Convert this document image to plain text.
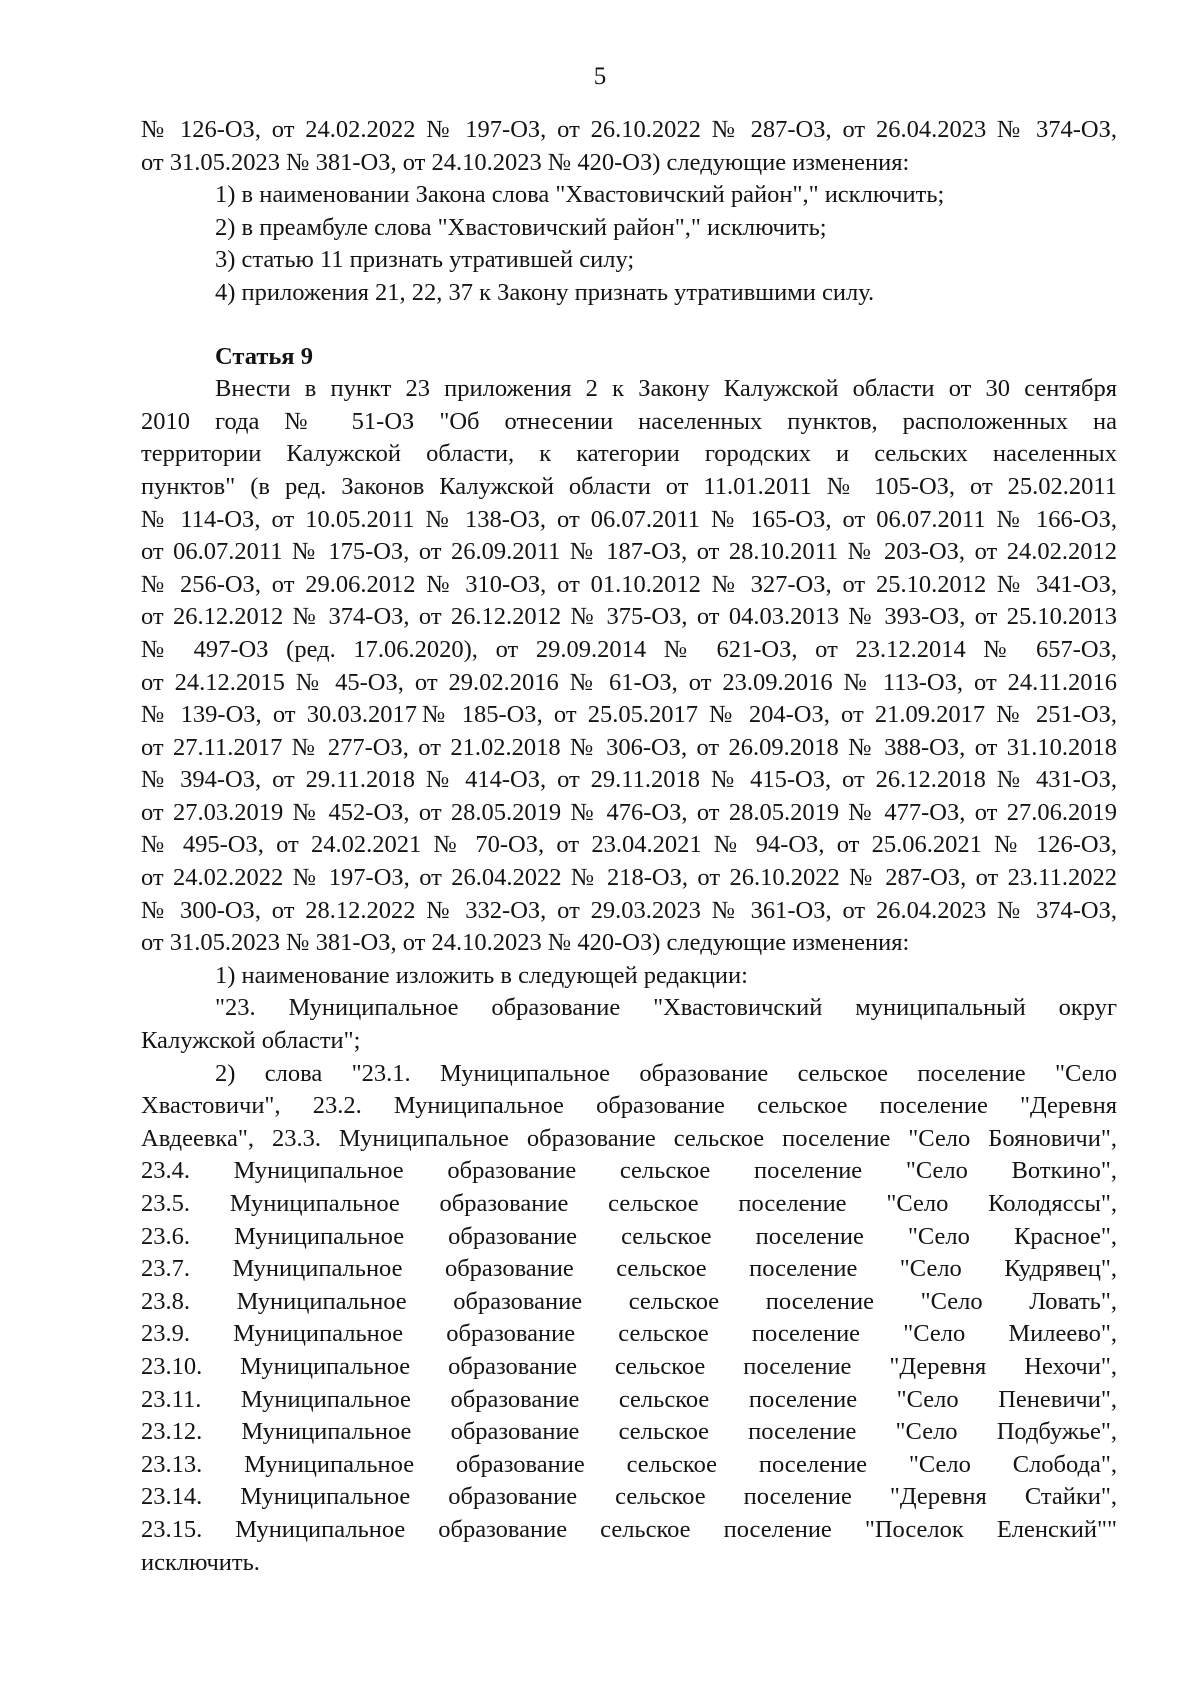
5
№ 126-ОЗ, от 24.02.2022 № 197-ОЗ, от 26.10.2022 № 287-ОЗ, от 26.04.2023 № 374-ОЗ,
от 31.05.2023 № 381-ОЗ, от 24.10.2023 № 420-ОЗ) следующие изменения:
1) в наименовании Закона слова "Хвастовичский район"," исключить;
2) в преамбуле слова "Хвастовичский район"," исключить;
3) статью 11 признать утратившей силу;
4) приложения 21, 22, 37 к Закону признать утратившими силу.
Статья 9
Внести в пункт 23 приложения 2 к Закону Калужской области от 30 сентября
2010 года № 51-ОЗ "Об отнесении населенных пунктов, расположенных на
территории Калужской области, к категории городских и сельских населенных
пунктов" (в ред. Законов Калужской области от 11.01.2011 № 105-ОЗ, от 25.02.2011
№ 114-ОЗ, от 10.05.2011 № 138-ОЗ, от 06.07.2011 № 165-ОЗ, от 06.07.2011 № 166-ОЗ,
от 06.07.2011 № 175-ОЗ, от 26.09.2011 № 187-ОЗ, от 28.10.2011 № 203-ОЗ, от 24.02.2012
№ 256-ОЗ, от 29.06.2012 № 310-ОЗ, от 01.10.2012 № 327-ОЗ, от 25.10.2012 № 341-ОЗ,
от 26.12.2012 № 374-ОЗ, от 26.12.2012 № 375-ОЗ, от 04.03.2013 № 393-ОЗ, от 25.10.2013
№ 497-ОЗ (ред. 17.06.2020), от 29.09.2014 № 621-ОЗ, от 23.12.2014 № 657-ОЗ,
от 24.12.2015 № 45-ОЗ, от 29.02.2016 № 61-ОЗ, от 23.09.2016 № 113-ОЗ, от 24.11.2016
№ 139-ОЗ, от 30.03.2017№ 185-ОЗ, от 25.05.2017 № 204-ОЗ, от 21.09.2017 № 251-ОЗ,
от 27.11.2017 № 277-ОЗ, от 21.02.2018 № 306-ОЗ, от 26.09.2018 № 388-ОЗ, от 31.10.2018
№ 394-ОЗ, от 29.11.2018 № 414-ОЗ, от 29.11.2018 № 415-ОЗ, от 26.12.2018 № 431-ОЗ,
от 27.03.2019 № 452-ОЗ, от 28.05.2019 № 476-ОЗ, от 28.05.2019 № 477-ОЗ, от 27.06.2019
№ 495-ОЗ, от 24.02.2021 № 70-ОЗ, от 23.04.2021 № 94-ОЗ, от 25.06.2021 № 126-ОЗ,
от 24.02.2022 № 197-ОЗ, от 26.04.2022 № 218-ОЗ, от 26.10.2022 № 287-ОЗ, от 23.11.2022
№ 300-ОЗ, от 28.12.2022 № 332-ОЗ, от 29.03.2023 № 361-ОЗ, от 26.04.2023 № 374-ОЗ,
от 31.05.2023 № 381-ОЗ, от 24.10.2023 № 420-ОЗ) следующие изменения:
1) наименование изложить в следующей редакции:
"23. Муниципальное образование "Хвастовичский муниципальный округ
Калужской области";
2) слова "23.1. Муниципальное образование сельское поселение "Село
Хвастовичи", 23.2. Муниципальное образование сельское поселение "Деревня
Авдеевка", 23.3. Муниципальное образование сельское поселение "Село Бояновичи",
23.4. Муниципальное образование сельское поселение "Село Воткино",
23.5. Муниципальное образование сельское поселение "Село Колодяссы",
23.6. Муниципальное образование сельское поселение "Село Красное",
23.7. Муниципальное образование сельское поселение "Село Кудрявец",
23.8. Муниципальное образование сельское поселение "Село Ловать",
23.9. Муниципальное образование сельское поселение "Село Милеево",
23.10. Муниципальное образование сельское поселение "Деревня Нехочи",
23.11. Муниципальное образование сельское поселение "Село Пеневичи",
23.12. Муниципальное образование сельское поселение "Село Подбужье",
23.13. Муниципальное образование сельское поселение "Село Слобода",
23.14. Муниципальное образование сельское поселение "Деревня Стайки",
23.15. Муниципальное образование сельское поселение "Поселок Еленский""
исключить.
